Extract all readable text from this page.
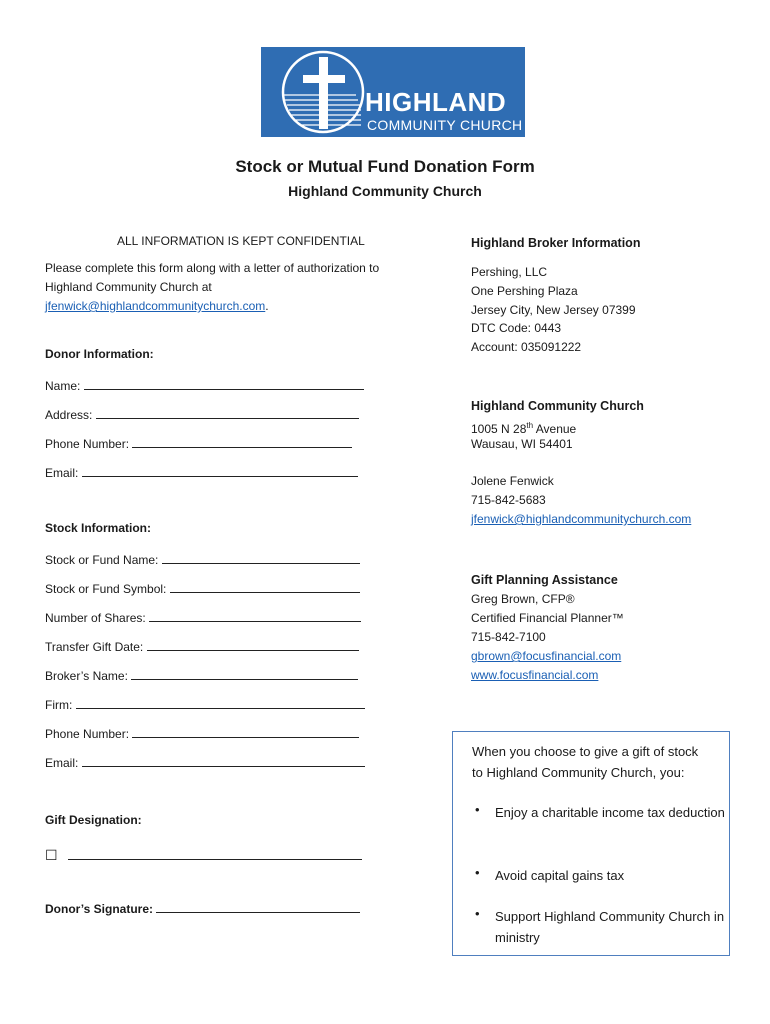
HIGHLAND
COMMUNITY CHURCH
Stock or Mutual Fund Donation Form
Highland Community Church
ALL INFORMATION IS KEPT CONFIDENTIAL
Please complete this form along with a letter of authorization to
Highland Community Church at
jfenwick@highlandcommunitychurch.com.
Donor Information:
Name:
Address:
Phone Number:
Email:
Stock Information:
Stock or Fund Name:
Stock or Fund Symbol:
Number of Shares:
Transfer Gift Date:
Broker’s Name:
Firm:
Phone Number:
Email:
Gift Designation:
☐
Donor’s Signature:
Highland Broker Information
Pershing, LLC
One Pershing Plaza
Jersey City, New Jersey 07399
DTC Code: 0443
Account: 035091222
Highland Community Church
1005 N 28th Avenue
Wausau, WI 54401
Jolene Fenwick
715-842-5683
jfenwick@highlandcommunitychurch.com
Gift Planning Assistance
Greg Brown, CFP®
Certified Financial Planner™
715-842-7100
gbrown@focusfinancial.com
www.focusfinancial.com
When you choose to give a gift of stock
to Highland Community Church, you:
• Enjoy a charitable income tax deduction
• Avoid capital gains tax
• Support Highland Community Church in ministry
